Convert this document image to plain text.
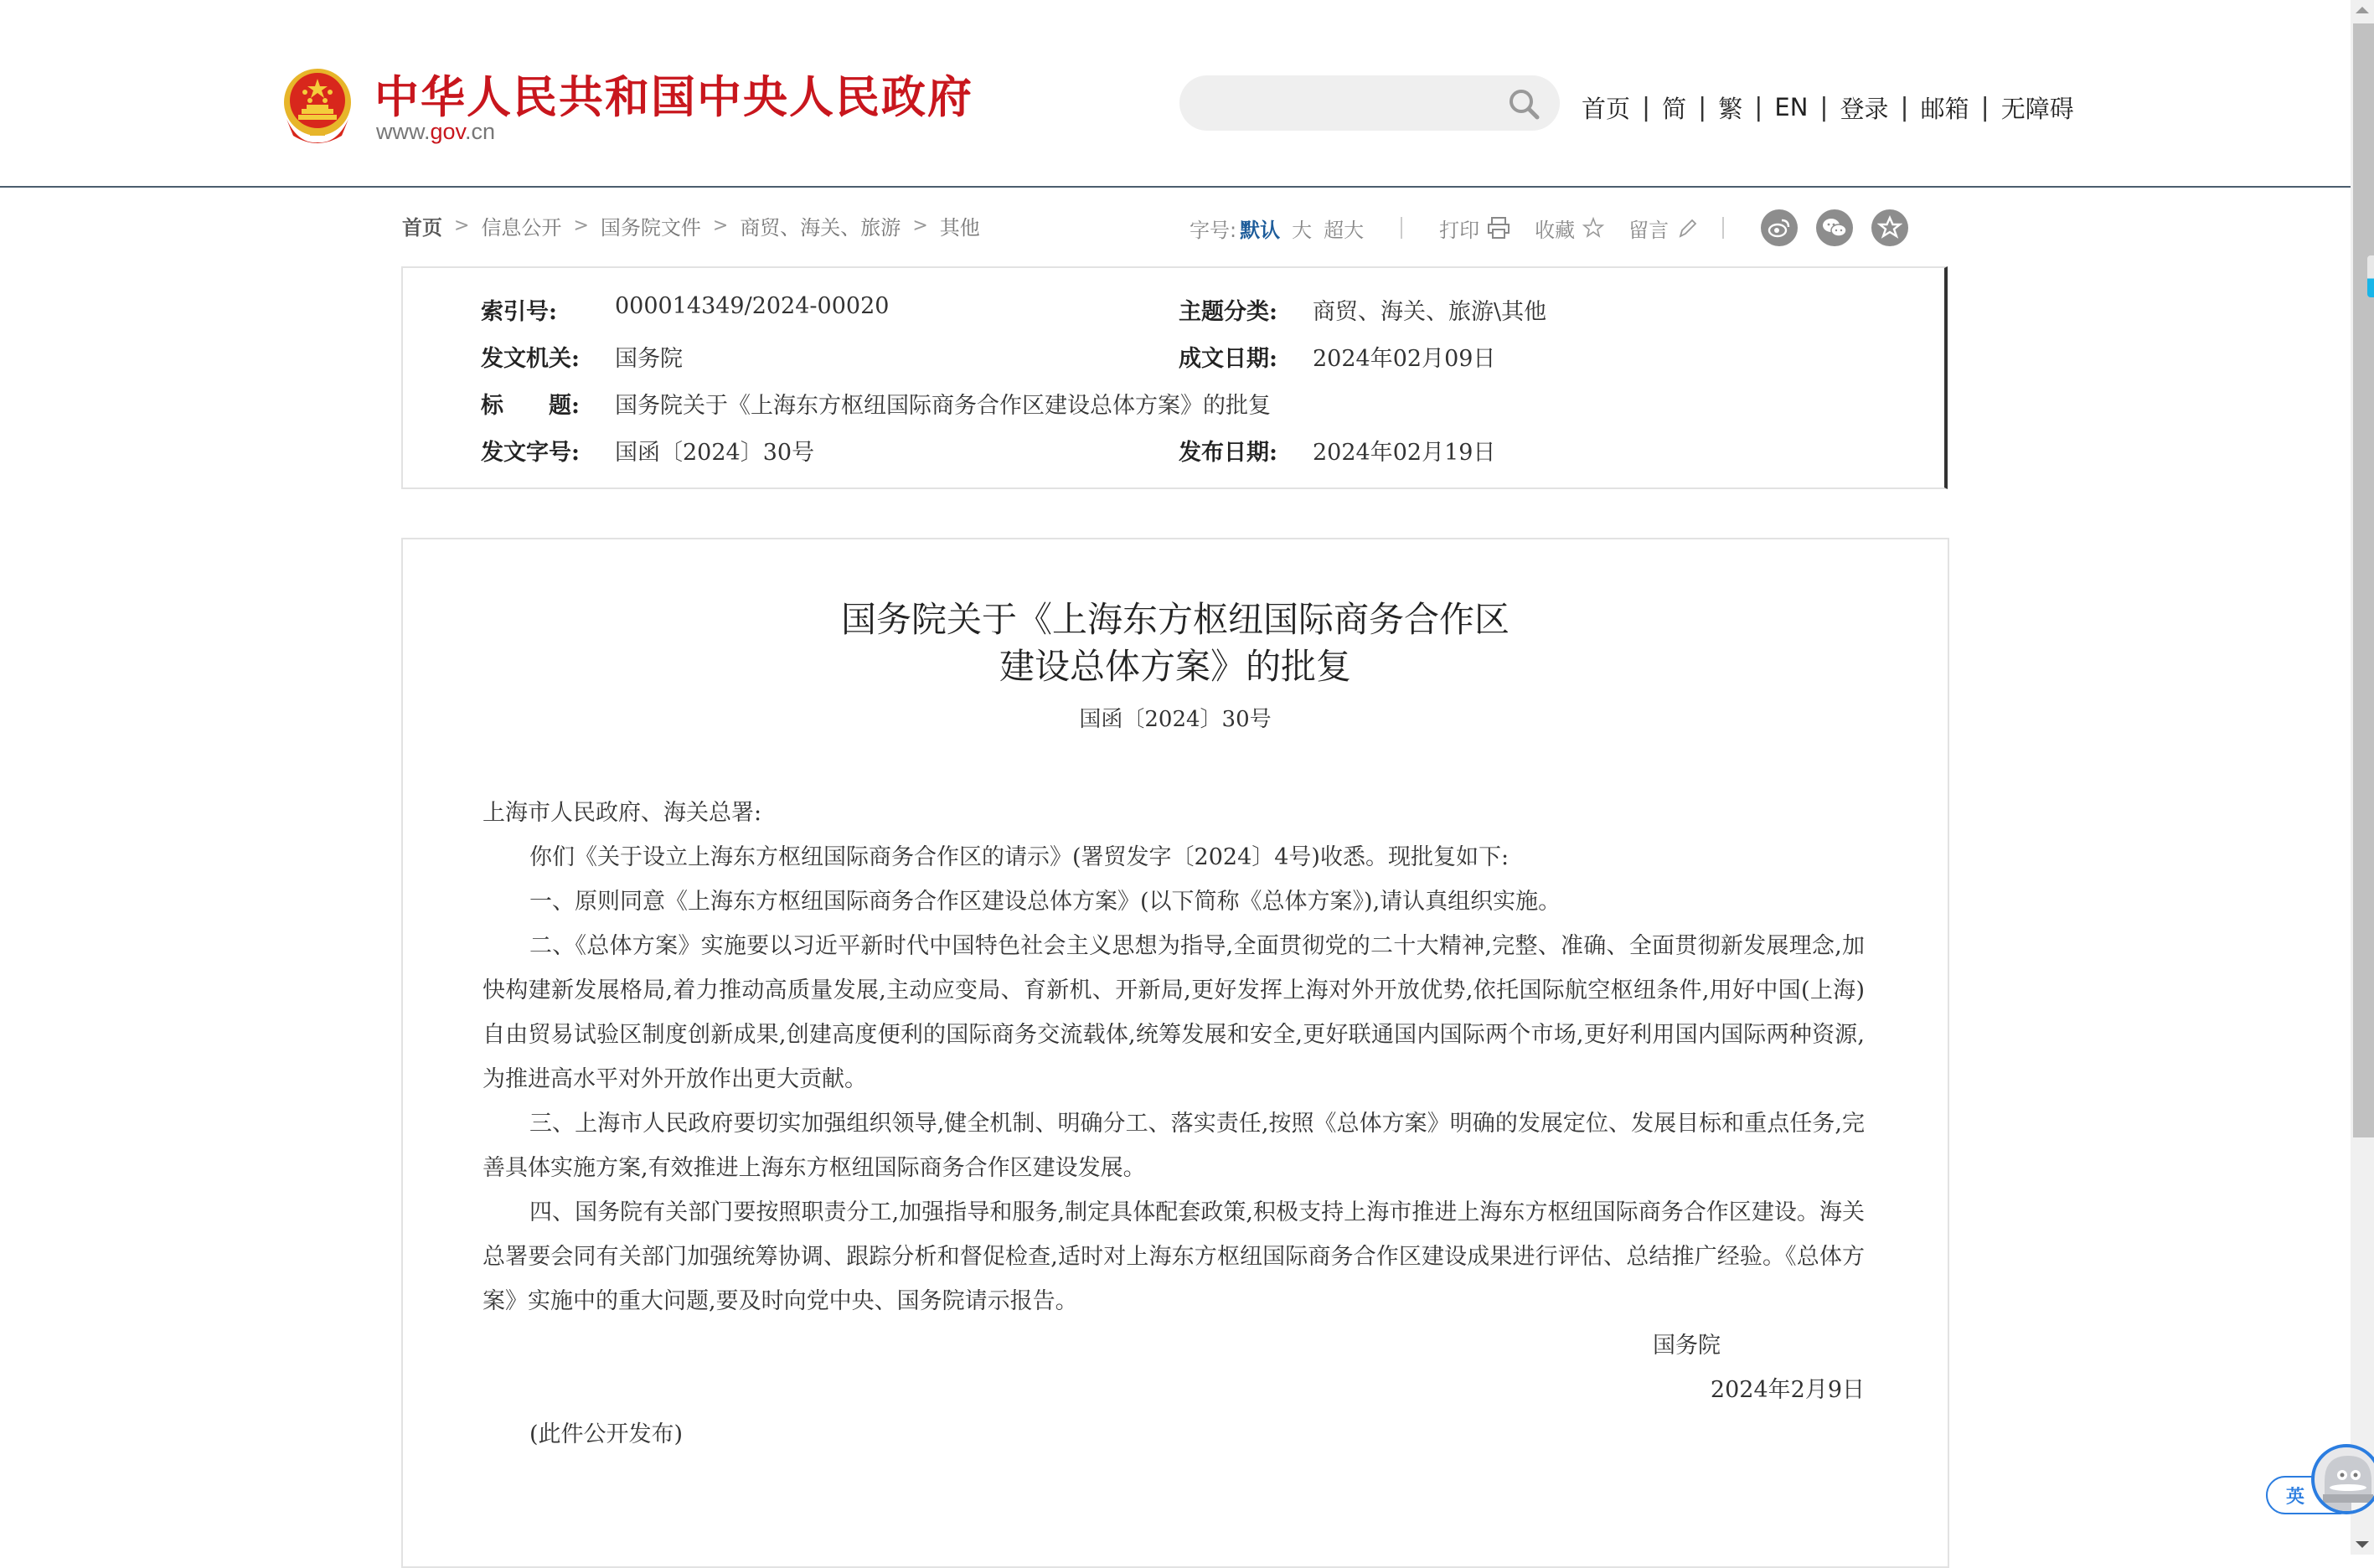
中华人民共和国中央人民政府
www.gov.cn
首页 | 简 | 繁 | EN | 登录 | 邮箱 | 无障碍
首页 > 信息公开 > 国务院文件 > 商贸、海关、旅游 > 其他	字号: 默认 大 超大	打印	收藏	留言
索引号:	000014349/2024-00020	主题分类:	商贸、海关、旅游\其他
发文机关:	国务院	成文日期:	2024年02月09日
标　　题:	国务院关于《上海东方枢纽国际商务合作区建设总体方案》的批复
发文字号:	国函〔2024〕30号	发布日期:	2024年02月19日
国务院关于《上海东方枢纽国际商务合作区
建设总体方案》的批复
国函〔2024〕30号

上海市人民政府、海关总署:

你们《关于设立上海东方枢纽国际商务合作区的请示》(署贸发字〔2024〕4号)收悉。现批复如下:

一、原则同意《上海东方枢纽国际商务合作区建设总体方案》(以下简称《总体方案》),请认真组织实施。

二、《总体方案》实施要以习近平新时代中国特色社会主义思想为指导,全面贯彻党的二十大精神,完整、准确、全面贯彻新发展理念,加快构建新发展格局,着力推动高质量发展,主动应变局、育新机、开新局,更好发挥上海对外开放优势,依托国际航空枢纽条件,用好中国(上海)自由贸易试验区制度创新成果,创建高度便利的国际商务交流载体,统筹发展和安全,更好联通国内国际两个市场,更好利用国内国际两种资源,为推进高水平对外开放作出更大贡献。

三、上海市人民政府要切实加强组织领导,健全机制、明确分工、落实责任,按照《总体方案》明确的发展定位、发展目标和重点任务,完善具体实施方案,有效推进上海东方枢纽国际商务合作区建设发展。

四、国务院有关部门要按照职责分工,加强指导和服务,制定具体配套政策,积极支持上海市推进上海东方枢纽国际商务合作区建设。海关总署要会同有关部门加强统筹协调、跟踪分析和督促检查,适时对上海东方枢纽国际商务合作区建设成果进行评估、总结推广经验。《总体方案》实施中的重大问题,要及时向党中央、国务院请示报告。

国务院

2024年2月9日

(此件公开发布)

英
